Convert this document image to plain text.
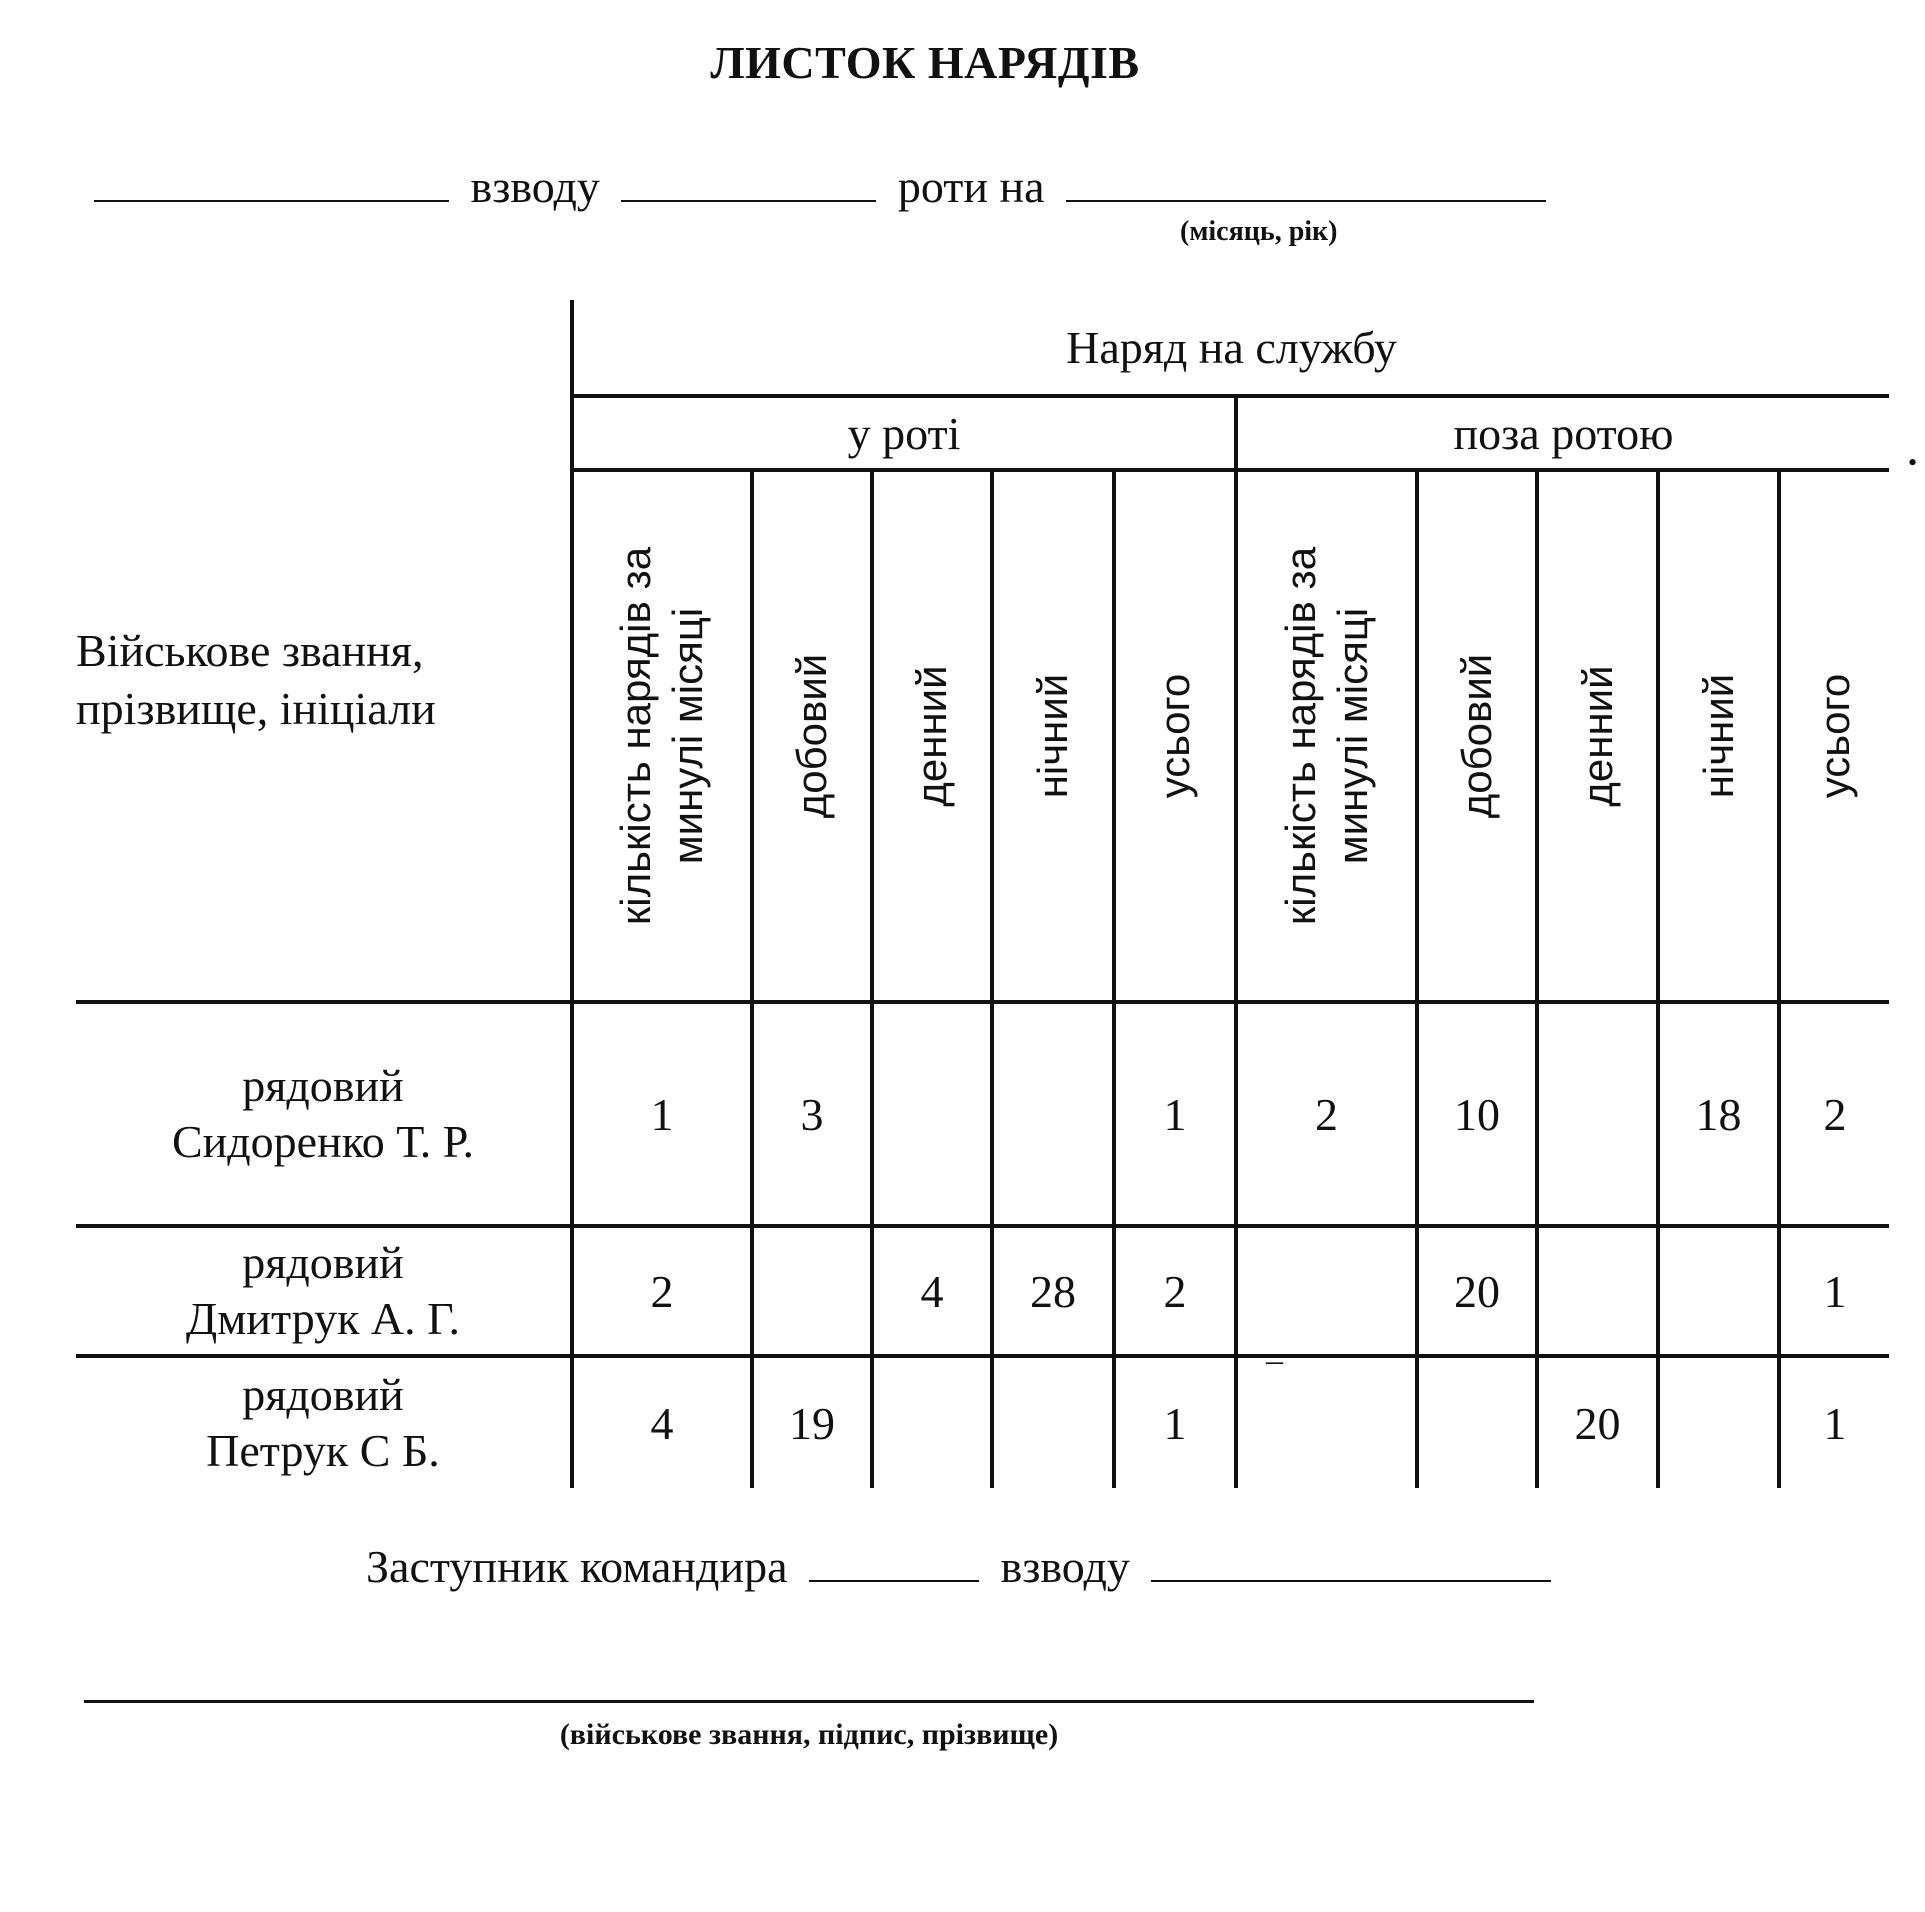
ЛИСТОК НАРЯДІВ
взводу	роти на
(місяць, рік)
Військове звання, прізвище, ініціали	Наряд на службу									
	у роті					поза ротою				

	кількість нарядів за минулі місяці	добовий	денний	нічний	усього	кількість нарядів за минулі місяці	добовий	денний	нічний	усього

рядовий
Сидоренко Т. Р.	1	3			1	2	10		18	2

рядовий
Дмитрук А. Г.	2		4	28	2		20			1

рядовий
Петрук С Б.	4	19			1			20		1
•
‒
Заступник командира	взводу
(військове звання, підпис, прізвище)
